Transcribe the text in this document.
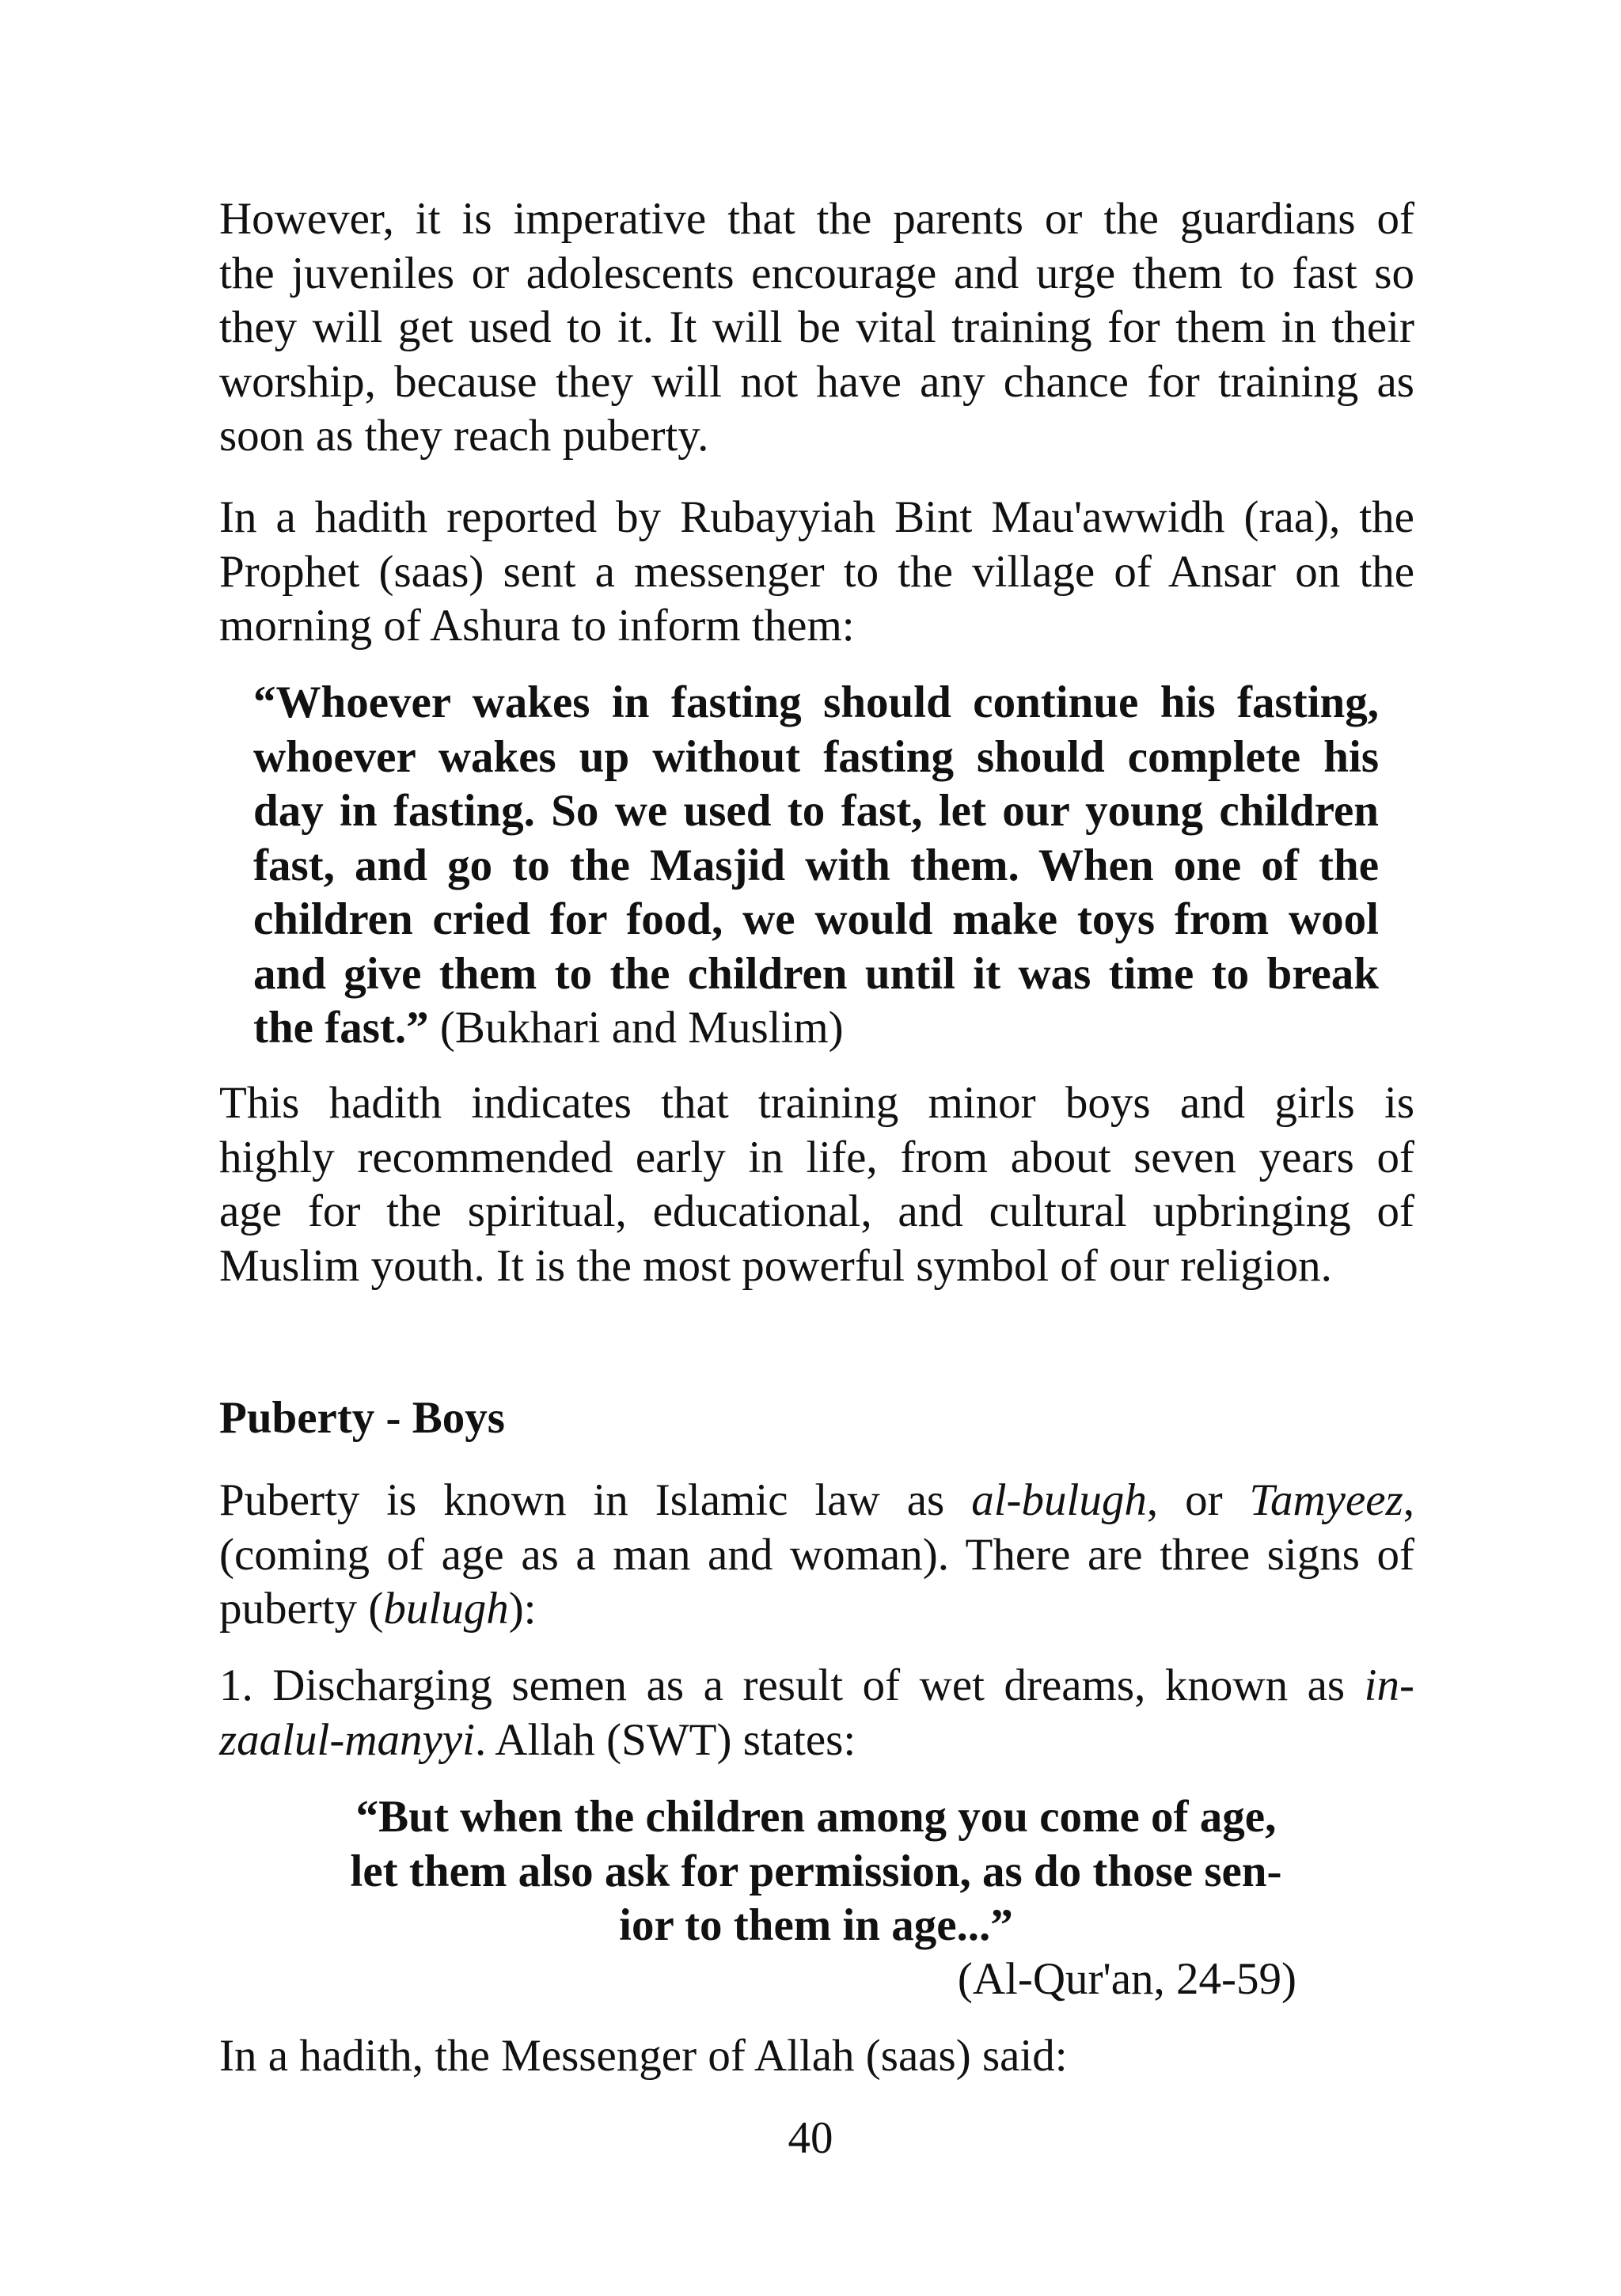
However, it is imperative that the parents or the guardians of
the juveniles or adolescents encourage and urge them to fast so
they will get used to it. It will be vital training for them in their
worship, because they will not have any chance for training as
soon as they reach puberty.

In a hadith reported by Rubayyiah Bint Mau'awwidh (raa), the
Prophet (saas) sent a messenger to the village of Ansar on the
morning of Ashura to inform them:

“Whoever wakes in fasting should continue his fasting,
whoever wakes up without fasting should complete his
day in fasting. So we used to fast, let our young children
fast, and go to the Masjid with them. When one of the
children cried for food, we would make toys from wool
and give them to the children until it was time to break
the fast.” (Bukhari and Muslim)

This hadith indicates that training minor boys and girls is
highly recommended early in life, from about seven years of
age for the spiritual, educational, and cultural upbringing of
Muslim youth. It is the most powerful symbol of our religion.

Puberty - Boys

Puberty is known in Islamic law as al-bulugh, or Tamyeez,
(coming of age as a man and woman). There are three signs of
puberty (bulugh):

1. Discharging semen as a result of wet dreams, known as in-
zaalul-manyyi. Allah (SWT) states:

“But when the children among you come of age,
let them also ask for permission, as do those sen-
ior to them in age...”

(Al-Qur'an, 24-59)

In a hadith, the Messenger of Allah (saas) said:

40
